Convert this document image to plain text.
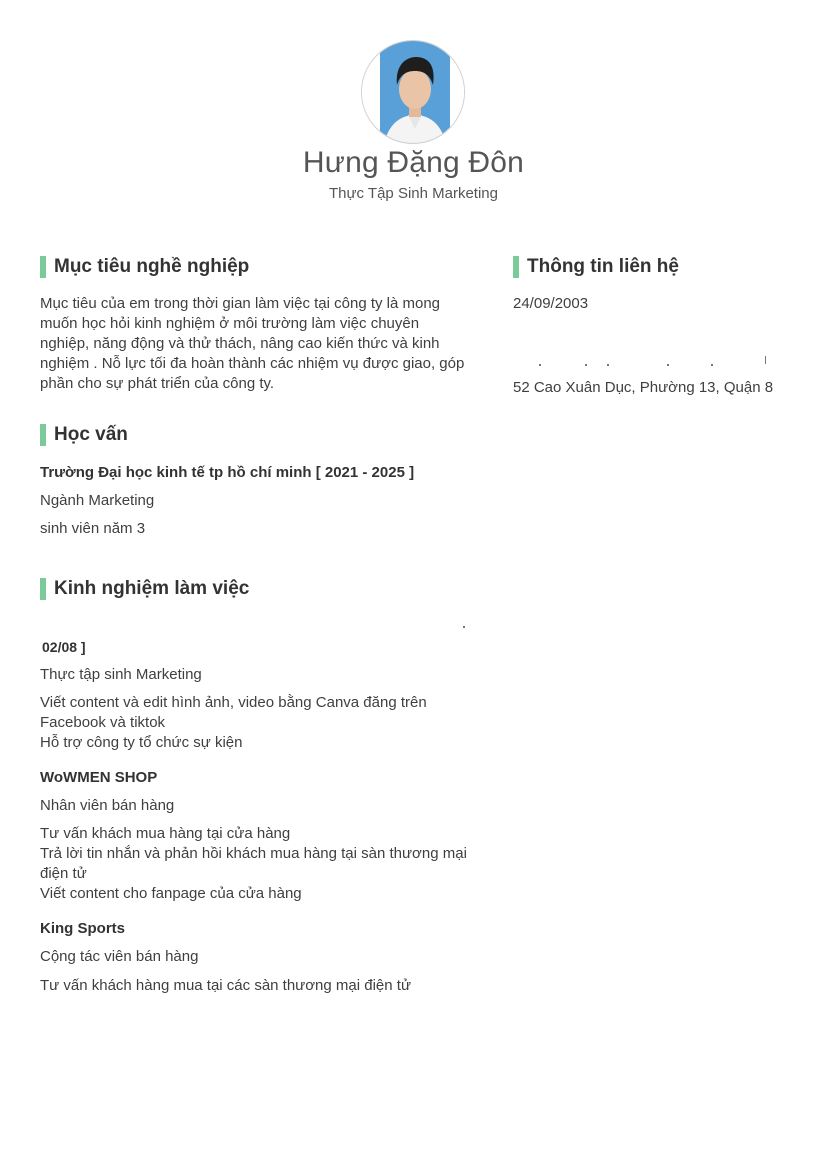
Hưng Đặng Đôn
Thực Tập Sinh Marketing
Mục tiêu nghề nghiệp
Mục tiêu của em trong thời gian làm việc tại công ty là mong
muốn học hỏi kinh nghiệm ở môi trường làm việc chuyên
nghiệp, năng động và thử thách, nâng cao kiến thức và kinh
nghiệm . Nỗ lực tối đa hoàn thành các nhiệm vụ được giao, góp
phần cho sự phát triển của công ty.
Học vấn
Trường Đại học kinh tế tp hồ chí minh [ 2021 - 2025 ]
Ngành Marketing
sinh viên năm 3
Kinh nghiệm làm việc
02/08 ]
Thực tập sinh Marketing
Viết content và edit hình ảnh, video bằng Canva đăng trên
Facebook và tiktok
Hỗ trợ công ty tổ chức sự kiện
WoWMEN SHOP
Nhân viên bán hàng
Tư vấn khách mua hàng tại cửa hàng
Trả lời tin nhắn và phản hồi khách mua hàng tại sàn thương mại
điện tử
Viết content cho fanpage của cửa hàng
King Sports
Cộng tác viên bán hàng
Tư vấn khách hàng mua tại các sàn thương mại điện tử
Thông tin liên hệ
24/09/2003
52 Cao Xuân Dục, Phường 13, Quận 8
